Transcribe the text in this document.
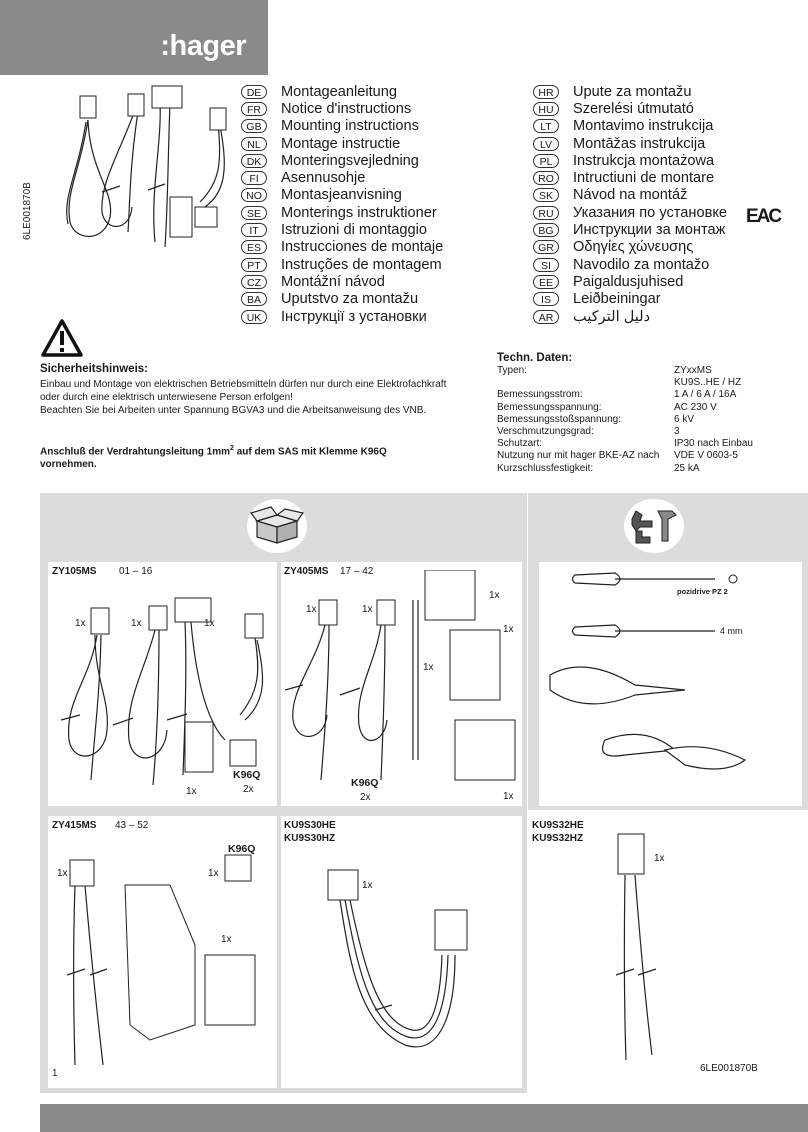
:hager
6LE001870B
DE	Montageanleitung
FR	Notice d'instructions
GB	Mounting instructions
NL	Montage instructie
DK	Monteringsvejledning
FI	Asennusohje
NO	Montasjeanvisning
SE	Monterings instruktioner
IT	Istruzioni di montaggio
ES	Instrucciones de montaje
PT	Instruções de montagem
CZ	Montážní návod
BA	Uputstvo za montažu
UK	Інструкції з установки
HR	Upute za montažu
HU	Szerelési útmutató
LT	Montavimo instrukcija
LV	Montāžas instrukcija
PL	Instrukcja montażowa
RO	Intructiuni de montare
SK	Návod na montáž
RU	Указания по установке
BG	Инструкции за монтаж
GR	Οδηγίες χώνευσης
SI	Navodilo za montažo
EE	Paigaldusjuhised
IS	Leiðbeiningar
AR	دليل التركيب
EAC
Sicherheitshinweis:
Einbau und Montage von elektrischen Betriebsmitteln dürfen nur durch eine Elektrofachkraft
oder durch eine elektrisch unterwiesene Person erfolgen!
Beachten Sie bei Arbeiten unter Spannung BGVA3 und die Arbeitsanweisung des VNB.
Anschluß der Verdrahtungsleitung $1mm^2$ auf dem SAS mit Klemme K96Q
vornehmen.
Techn. Daten:
Typen:	ZYxxMS
	KU9S..HE / HZ
Bemessungsstrom:	1 A / 6 A / 16A
Bemessungsspannung:	AC 230 V
Bemessungsstoßspannung:	6 kV
Verschmutzungsgrad:	3
Schutzart:	IP30 nach Einbau
Nutzung nur mit hager BKE-AZ nach	VDE V 0603-5
Kurzschlussfestigkeit:	25 kA
ZY105MS 01 – 16
1x	1x	1x
1x
K96Q
2x
ZY405MS 17 – 42
1x	1x
1x
1x
1x
K96Q
2x	1x
ZY415MS 43 – 52
1x
K96Q
1x
1x
KU9S30HE
KU9S30HZ
1x
KU9S32HE
KU9S32HZ
1x
pozidrive PZ 2
4 mm
1	6LE001870B
